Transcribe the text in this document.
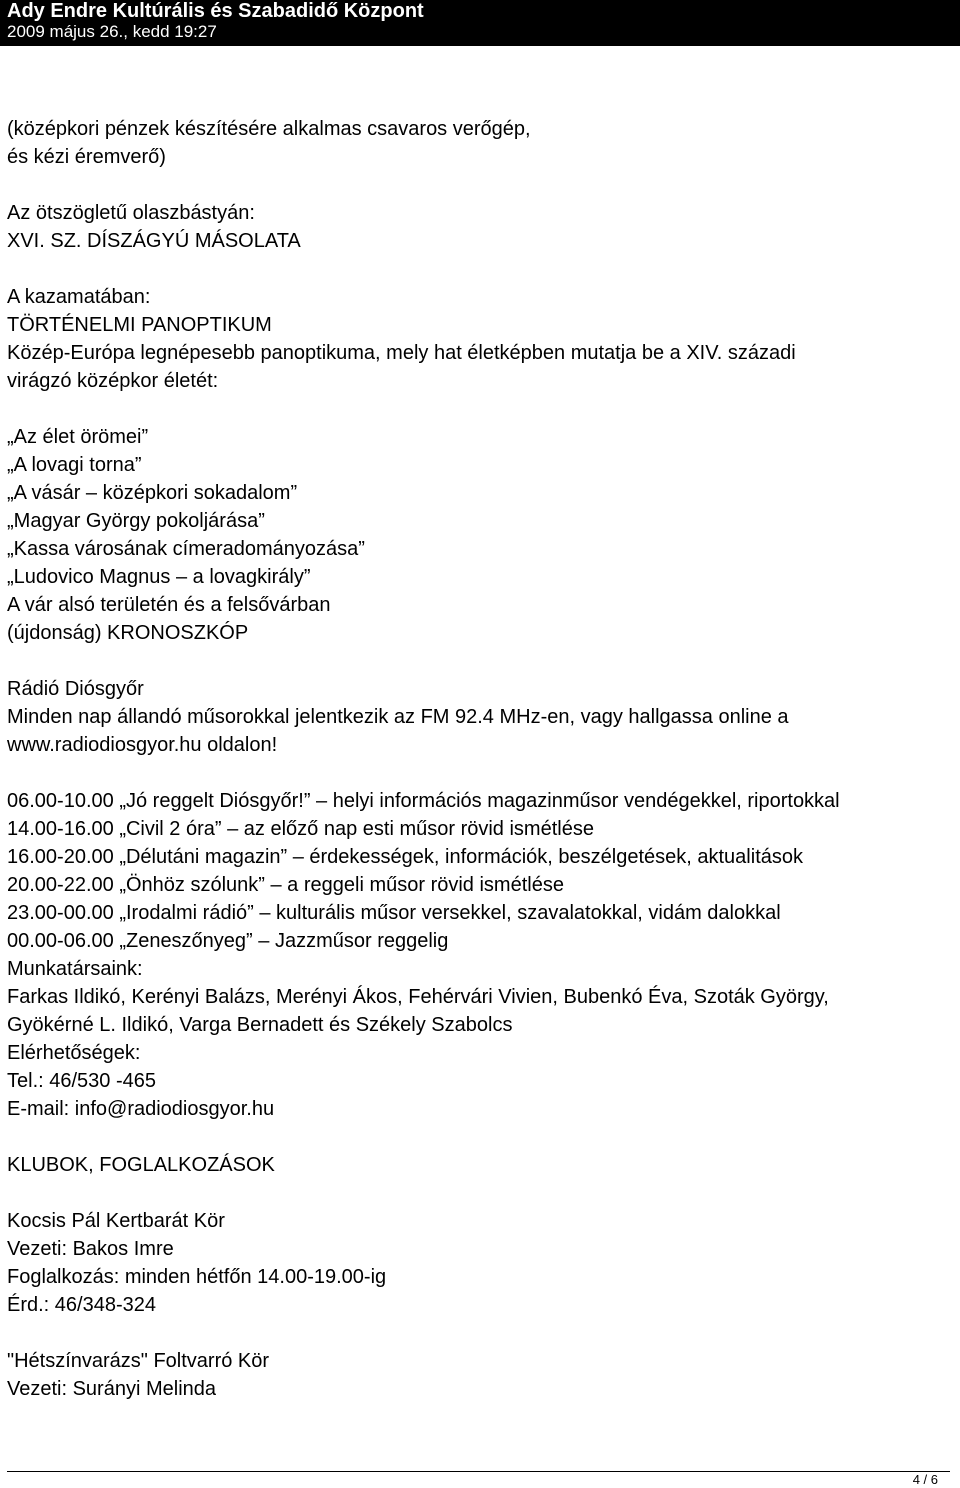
Ady Endre Kultúrális és Szabadidő Központ
2009 május 26., kedd 19:27
(középkori pénzek készítésére alkalmas csavaros verőgép,
és kézi éremverő)
Az ötszögletű olaszbástyán:
XVI. SZ. DÍSZÁGYÚ MÁSOLATA
A kazamatában:
TÖRTÉNELMI PANOPTIKUM
Közép-Európa legnépesebb panoptikuma, mely hat életképben mutatja be a XIV. századi
virágzó középkor életét:
„Az élet örömei”
„A lovagi torna”
„A vásár – középkori sokadalom”
„Magyar György pokoljárása”
„Kassa városának címeradományozása”
„Ludovico Magnus – a lovagkirály”
A vár alsó területén és a felsővárban
(újdonság) KRONOSZKÓP
Rádió Diósgyőr
Minden nap állandó műsorokkal jelentkezik az FM 92.4 MHz-en, vagy hallgassa online a
www.radiodiosgyor.hu oldalon!
06.00-10.00 „Jó reggelt Diósgyőr!” – helyi információs magazinműsor vendégekkel, riportokkal
14.00-16.00 „Civil 2 óra” – az előző nap esti műsor rövid ismétlése
16.00-20.00 „Délutáni magazin” – érdekességek, információk, beszélgetések, aktualitások
20.00-22.00 „Önhöz szólunk” – a reggeli műsor rövid ismétlése
23.00-00.00 „Irodalmi rádió” – kulturális műsor versekkel, szavalatokkal, vidám dalokkal
00.00-06.00 „Zeneszőnyeg” – Jazzműsor reggelig
Munkatársaink:
Farkas Ildikó, Kerényi Balázs, Merényi Ákos, Fehérvári Vivien, Bubenkó Éva, Szoták György,
Gyökérné L. Ildikó, Varga Bernadett és Székely Szabolcs
Elérhetőségek:
Tel.: 46/530 -465
E-mail: info@radiodiosgyor.hu
KLUBOK, FOGLALKOZÁSOK
Kocsis Pál Kertbarát Kör
Vezeti: Bakos Imre
Foglalkozás: minden hétfőn 14.00-19.00-ig
Érd.: 46/348-324
"Hétszínvarázs" Foltvarró Kör
Vezeti: Surányi Melinda
4 / 6
